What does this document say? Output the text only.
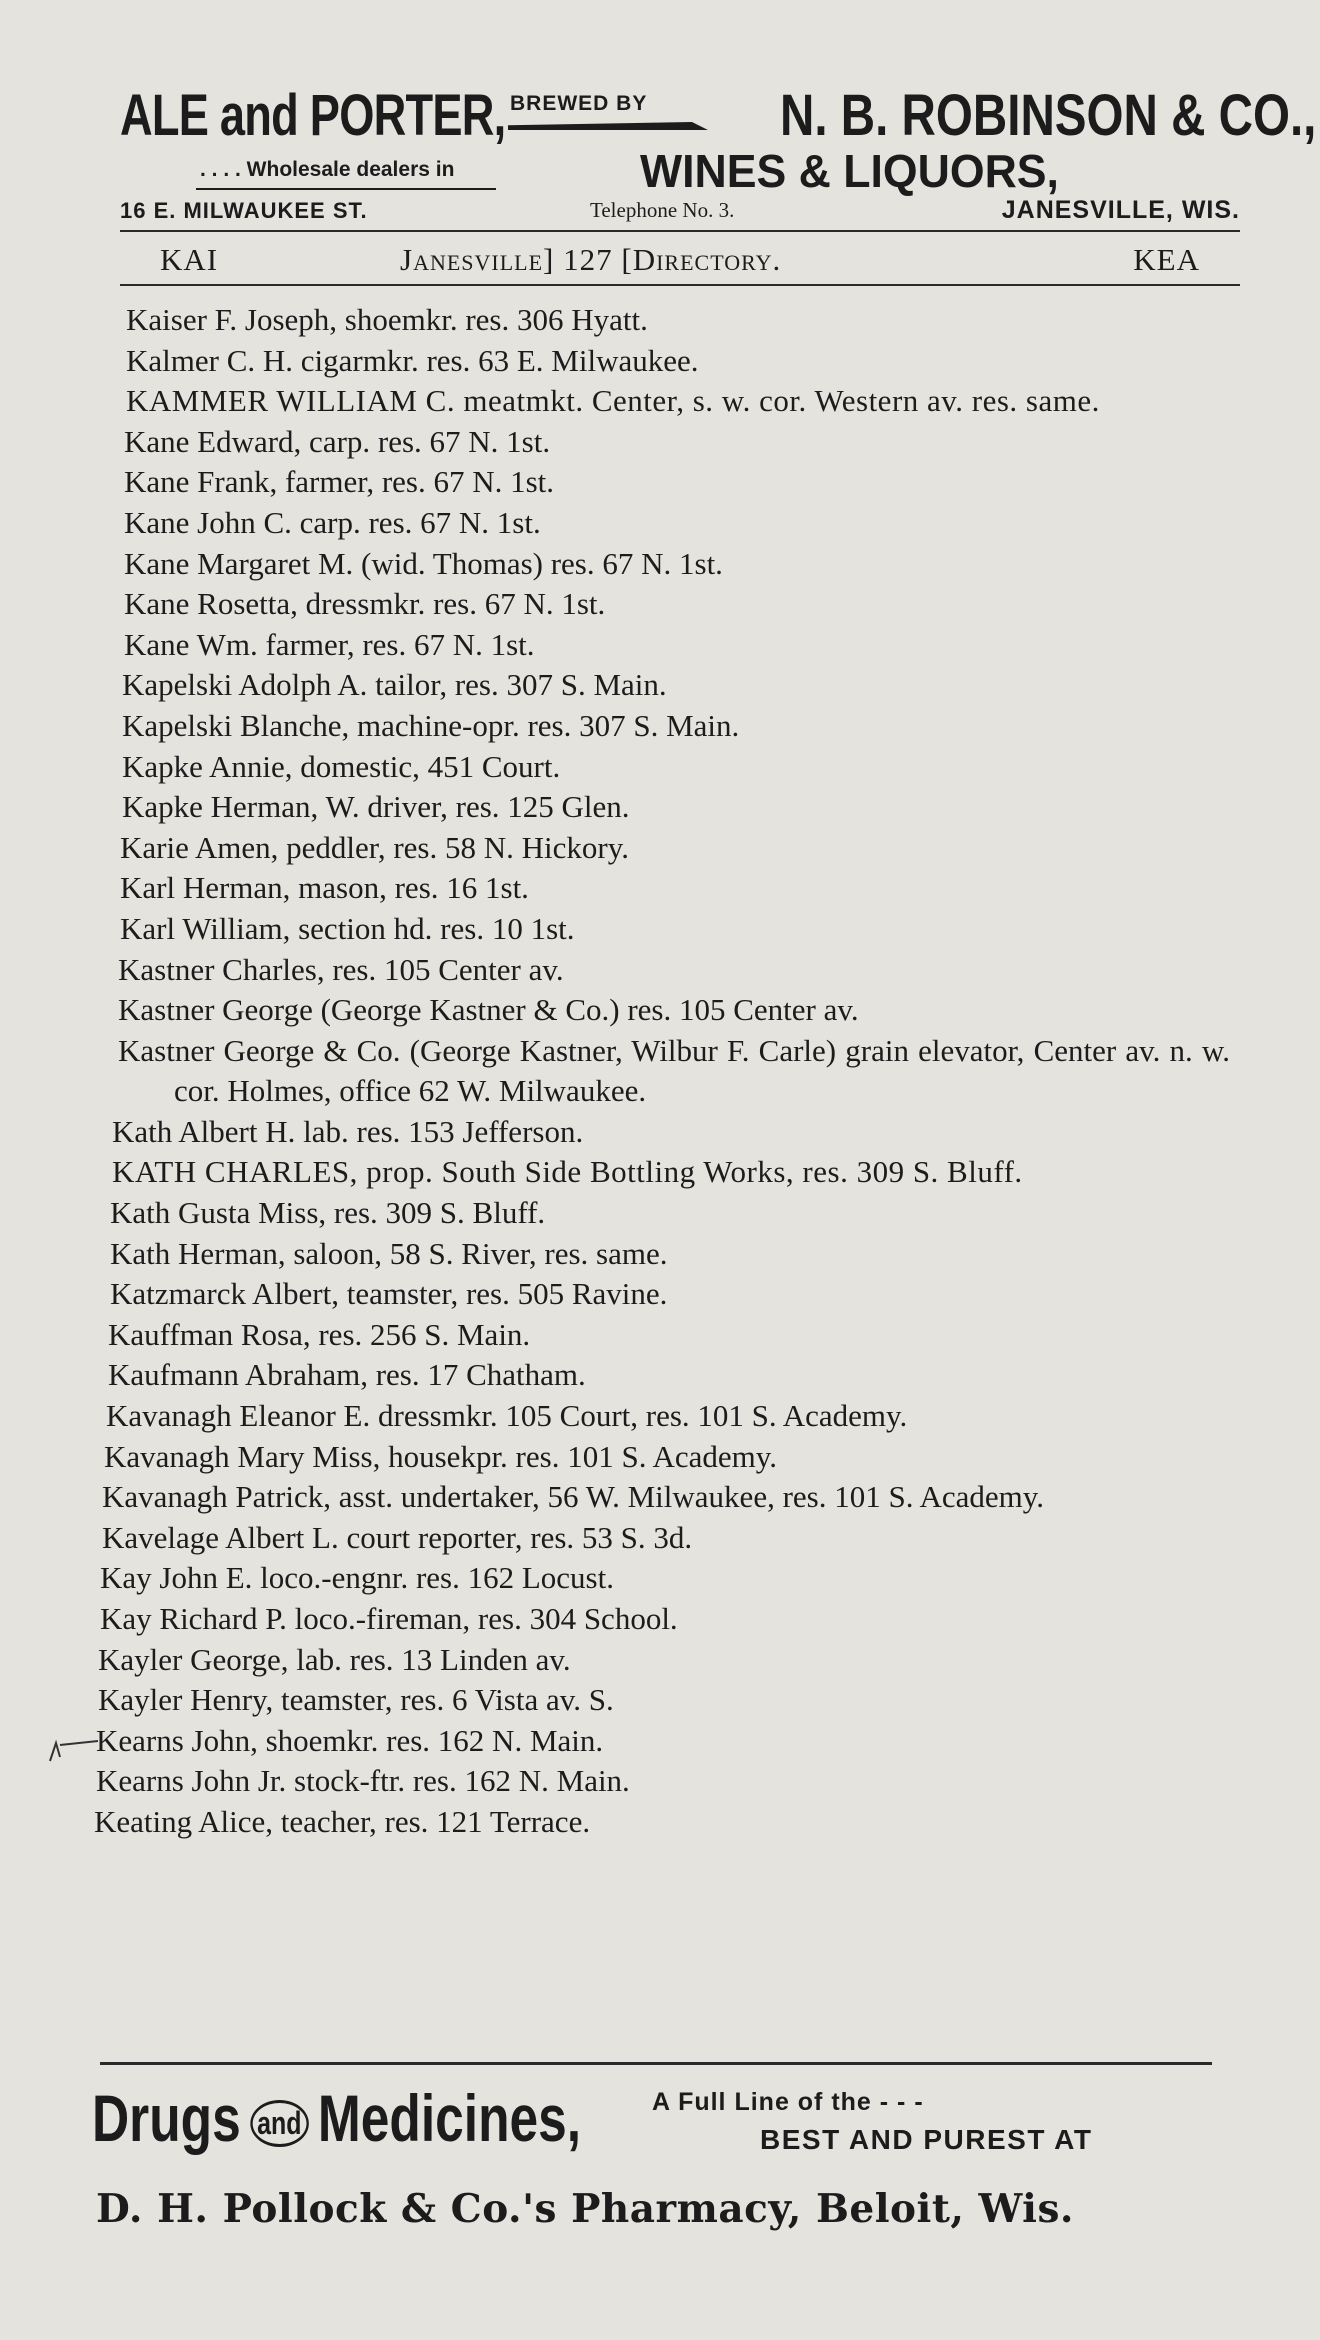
ALE and PORTER, BREWED BY N. B. ROBINSON & CO.,
. . . . Wholesale dealers in	WINES & LIQUORS,
16 E. MILWAUKEE ST.	Telephone No. 3.	JANESVILLE, WIS.
KAI	Janesville] 127 [Directory.	KEA
Kaiser F. Joseph, shoemkr. res. 306 Hyatt.
Kalmer C. H. cigarmkr. res. 63 E. Milwaukee.
KAMMER WILLIAM C. meatmkt. Center, s. w. cor. Western av. res. same.
Kane Edward, carp. res. 67 N. 1st.
Kane Frank, farmer, res. 67 N. 1st.
Kane John C. carp. res. 67 N. 1st.
Kane Margaret M. (wid. Thomas) res. 67 N. 1st.
Kane Rosetta, dressmkr. res. 67 N. 1st.
Kane Wm. farmer, res. 67 N. 1st.
Kapelski Adolph A. tailor, res. 307 S. Main.
Kapelski Blanche, machine-opr. res. 307 S. Main.
Kapke Annie, domestic, 451 Court.
Kapke Herman, W. driver, res. 125 Glen.
Karie Amen, peddler, res. 58 N. Hickory.
Karl Herman, mason, res. 16 1st.
Karl William, section hd. res. 10 1st.
Kastner Charles, res. 105 Center av.
Kastner George (George Kastner & Co.) res. 105 Center av.
Kastner George & Co. (George Kastner, Wilbur F. Carle) grain elevator, Center av. n. w. cor. Holmes, office 62 W. Milwaukee.
Kath Albert H. lab. res. 153 Jefferson.
KATH CHARLES, prop. South Side Bottling Works, res. 309 S. Bluff.
Kath Gusta Miss, res. 309 S. Bluff.
Kath Herman, saloon, 58 S. River, res. same.
Katzmarck Albert, teamster, res. 505 Ravine.
Kauffman Rosa, res. 256 S. Main.
Kaufmann Abraham, res. 17 Chatham.
Kavanagh Eleanor E. dressmkr. 105 Court, res. 101 S. Academy.
Kavanagh Mary Miss, housekpr. res. 101 S. Academy.
Kavanagh Patrick, asst. undertaker, 56 W. Milwaukee, res. 101 S. Academy.
Kavelage Albert L. court reporter, res. 53 S. 3d.
Kay John E. loco.-engnr. res. 162 Locust.
Kay Richard P. loco.-fireman, res. 304 School.
Kayler George, lab. res. 13 Linden av.
Kayler Henry, teamster, res. 6 Vista av. S.
Kearns John, shoemkr. res. 162 N. Main.
Kearns John Jr. stock-ftr. res. 162 N. Main.
Keating Alice, teacher, res. 121 Terrace.
Drugs and Medicines,	A Full Line of the - - -
BEST AND PUREST AT
D. H. Pollock & Co.'s Pharmacy, Beloit, Wis.
